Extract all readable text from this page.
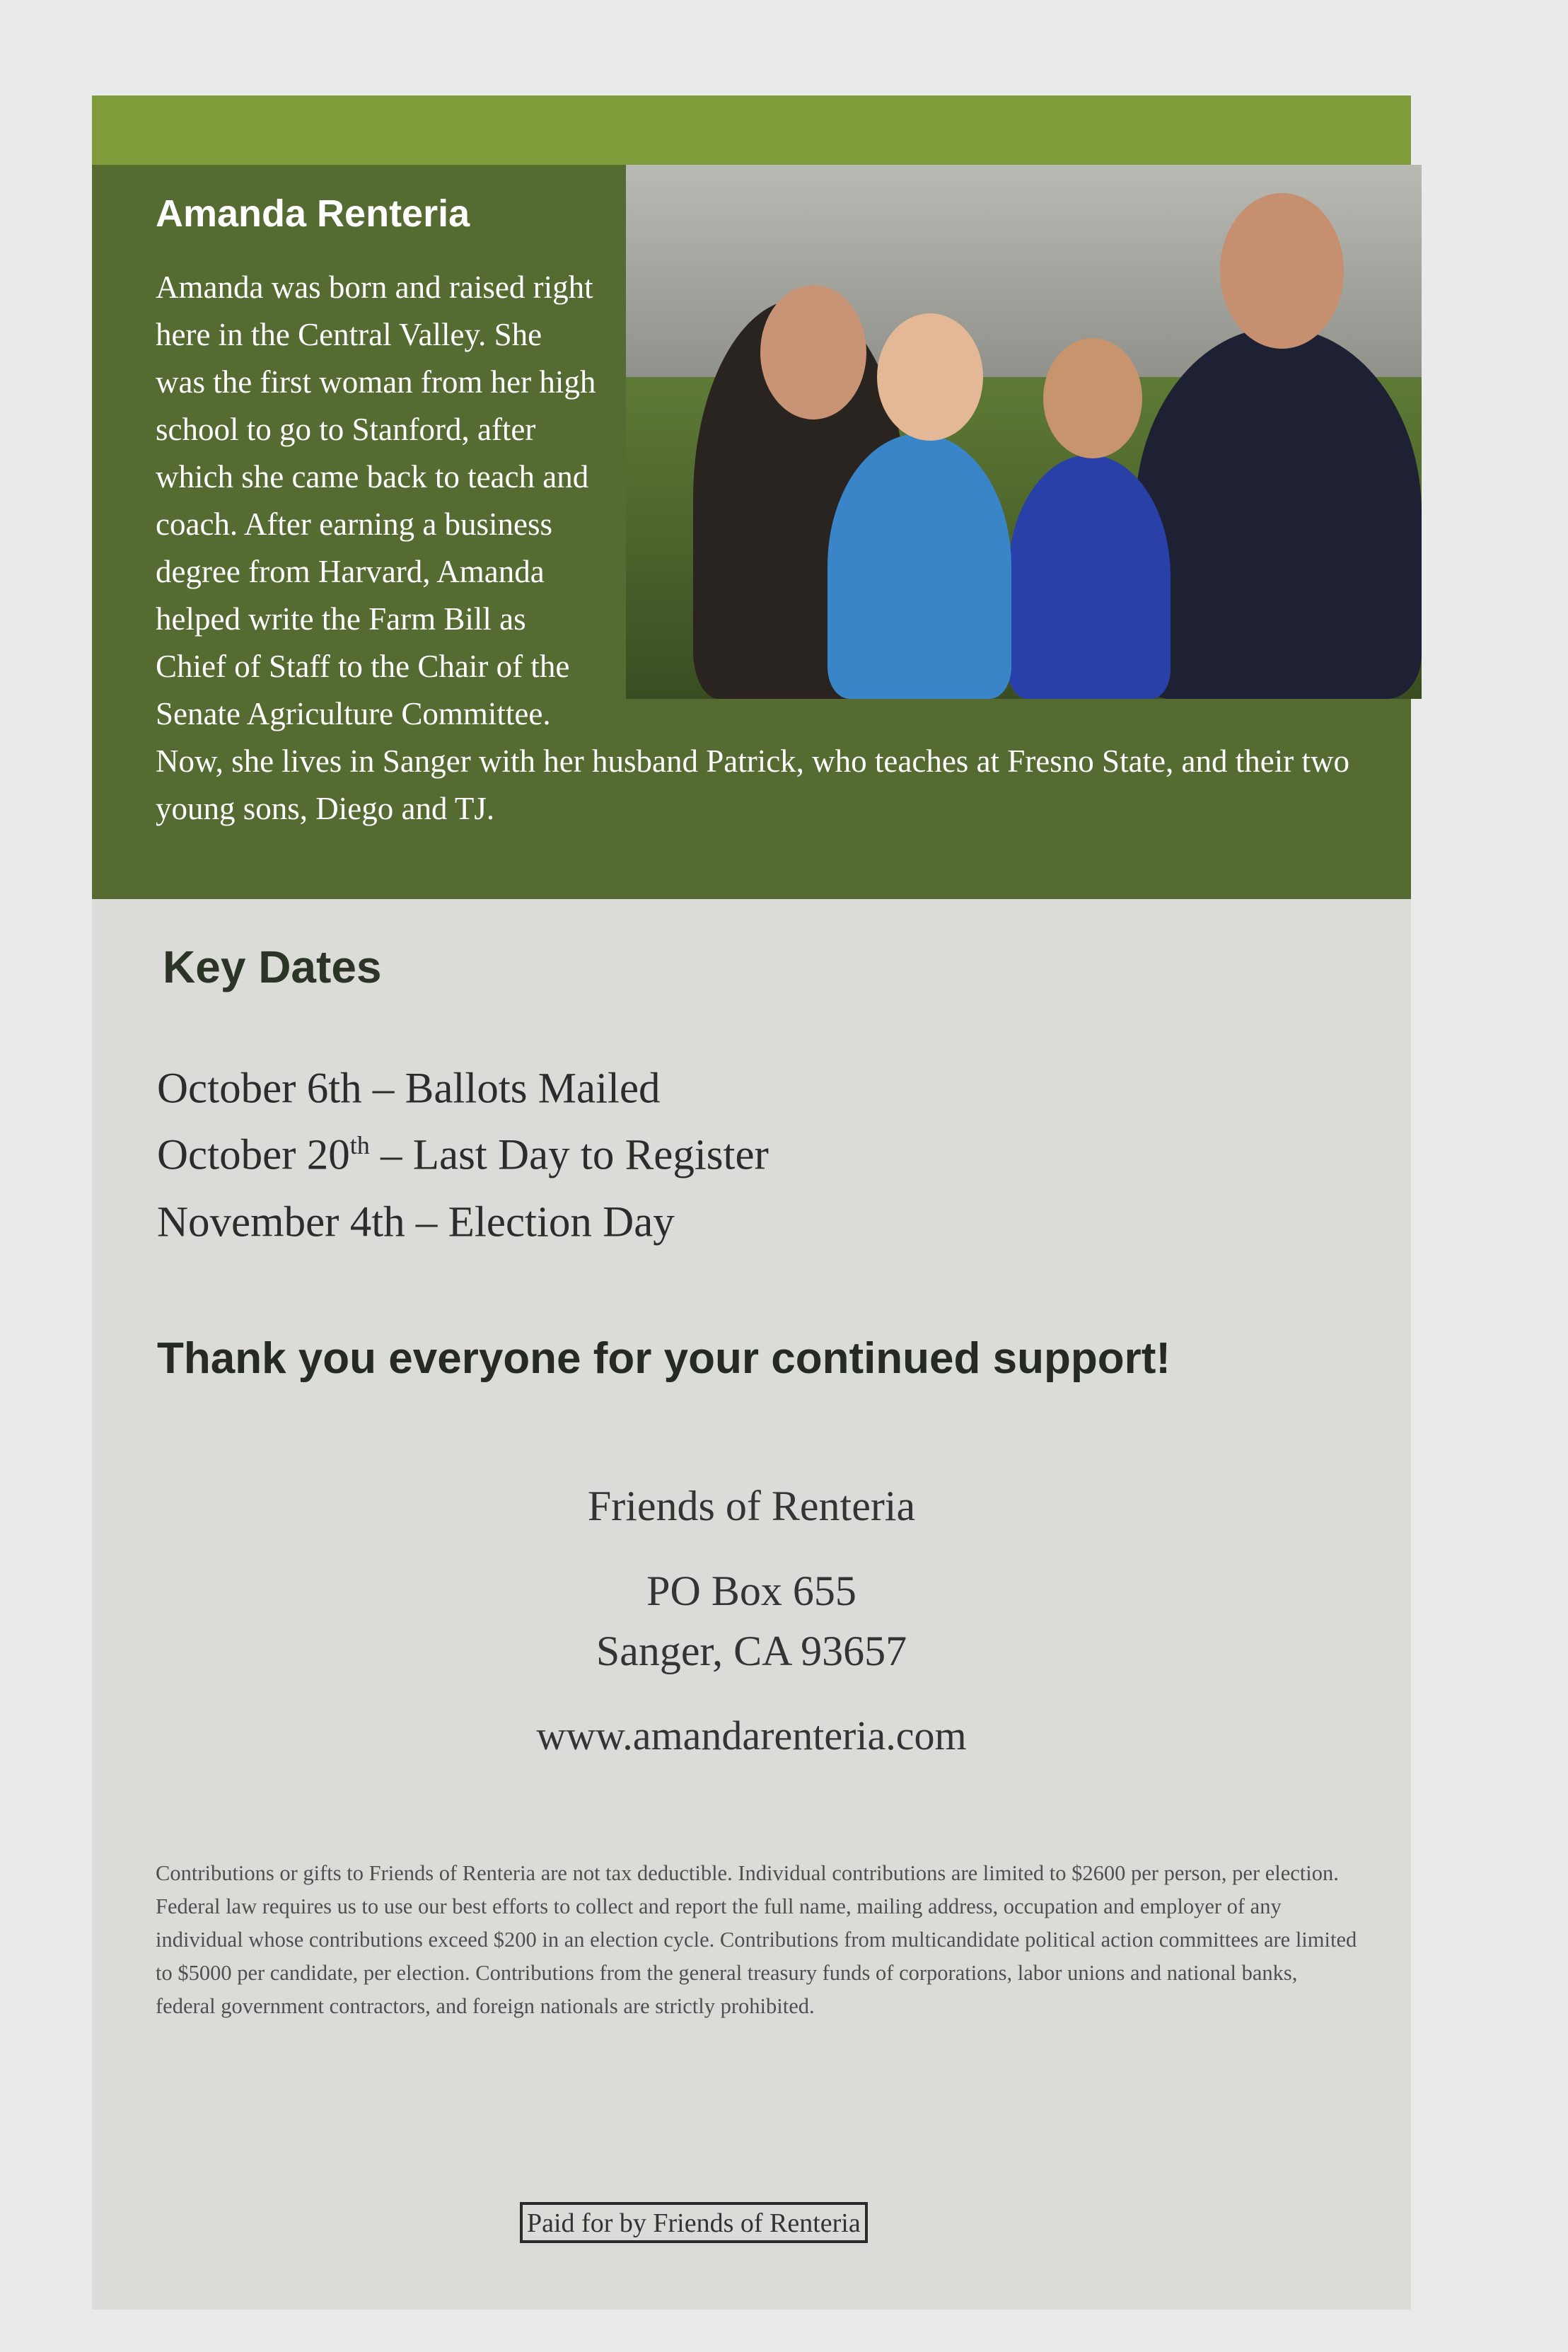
Amanda Renteria

Amanda was born and raised right here in the Central Valley. She was the first woman from her high school to go to Stanford, after which she came back to teach and coach. After earning a business degree from Harvard, Amanda helped write the Farm Bill as Chief of Staff to the Chair of the Senate Agriculture Committee. Now, she lives in Sanger with her husband Patrick, who teaches at Fresno State, and their two young sons, Diego and TJ.

Key Dates
October 6th – Ballots Mailed
October 20th – Last Day to Register
November 4th – Election Day
Thank you everyone for your continued support!
Friends of Renteria
PO Box 655
Sanger, CA 93657
www.amandarenteria.com

Contributions or gifts to Friends of Renteria are not tax deductible. Individual contributions are limited to $2600 per person, per election. Federal law requires us to use our best efforts to collect and report the full name, mailing address, occupation and employer of any individual whose contributions exceed $200 in an election cycle. Contributions from multicandidate political action committees are limited to $5000 per candidate, per election. Contributions from the general treasury funds of corporations, labor unions and national banks, federal government contractors, and foreign nationals are strictly prohibited.

Paid for by Friends of Renteria
